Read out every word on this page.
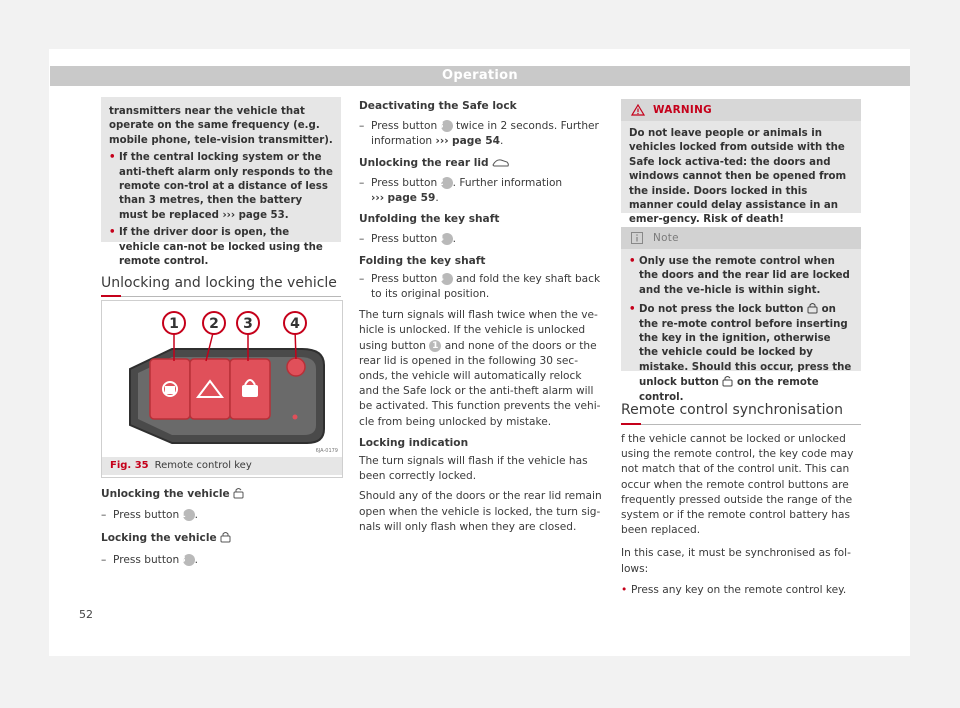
Operation

transmitters near the vehicle that operate on the same frequency (e.g. mobile phone, tele-vision transmitter).

• If the central locking system or the anti-theft alarm only responds to the remote con-trol at a distance of less than 3 metres, then the battery must be replaced ››› page 53.

• If the driver door is open, the vehicle can-not be locked using the remote control.

Unlocking and locking the vehicle
1 2 3	4
6JA-0179
Fig. 35 Remote control key

Unlocking the vehicle

– Press button 1 .

Locking the vehicle

– Press button 3 .

Deactivating the Safe lock

– Press button 3 twice in 2 seconds. Further information ››› page 54.

Unlocking the rear lid

– Press button 2 . Further information
››› page 59.

Unfolding the key shaft

– Press button 4 .

Folding the key shaft

– Press button 4 and fold the key shaft back to its original position.

The turn signals will flash twice when the ve-hicle is unlocked. If the vehicle is unlocked using button 1 and none of the doors or the rear lid is opened in the following 30 sec-onds, the vehicle will automatically relock and the Safe lock or the anti-theft alarm will be activated. This function prevents the vehi-cle from being unlocked by mistake.

Locking indication

The turn signals will flash if the vehicle has been correctly locked.

Should any of the doors or the rear lid remain open when the vehicle is locked, the turn sig-nals will only flash when they are closed.

WARNING

Do not leave people or animals in vehicles locked from outside with the Safe lock activa-ted: the doors and windows cannot then be opened from the inside. Doors locked in this manner could delay assistance in an emer-gency. Risk of death!

Note

• Only use the remote control when the doors and the rear lid are locked and the ve-hicle is within sight.

• Do not press the lock button on the re-mote control before inserting the key in the ignition, otherwise the vehicle could be locked by mistake. Should this occur, press the unlock button on the remote control.

Remote control synchronisation

f the vehicle cannot be locked or unlocked using the remote control, the key code may not match that of the control unit. This can occur when the remote control buttons are frequently pressed outside the range of the system or if the remote control battery has been replaced.

In this case, it must be synchronised as fol-lows:

• Press any key on the remote control key.

52
